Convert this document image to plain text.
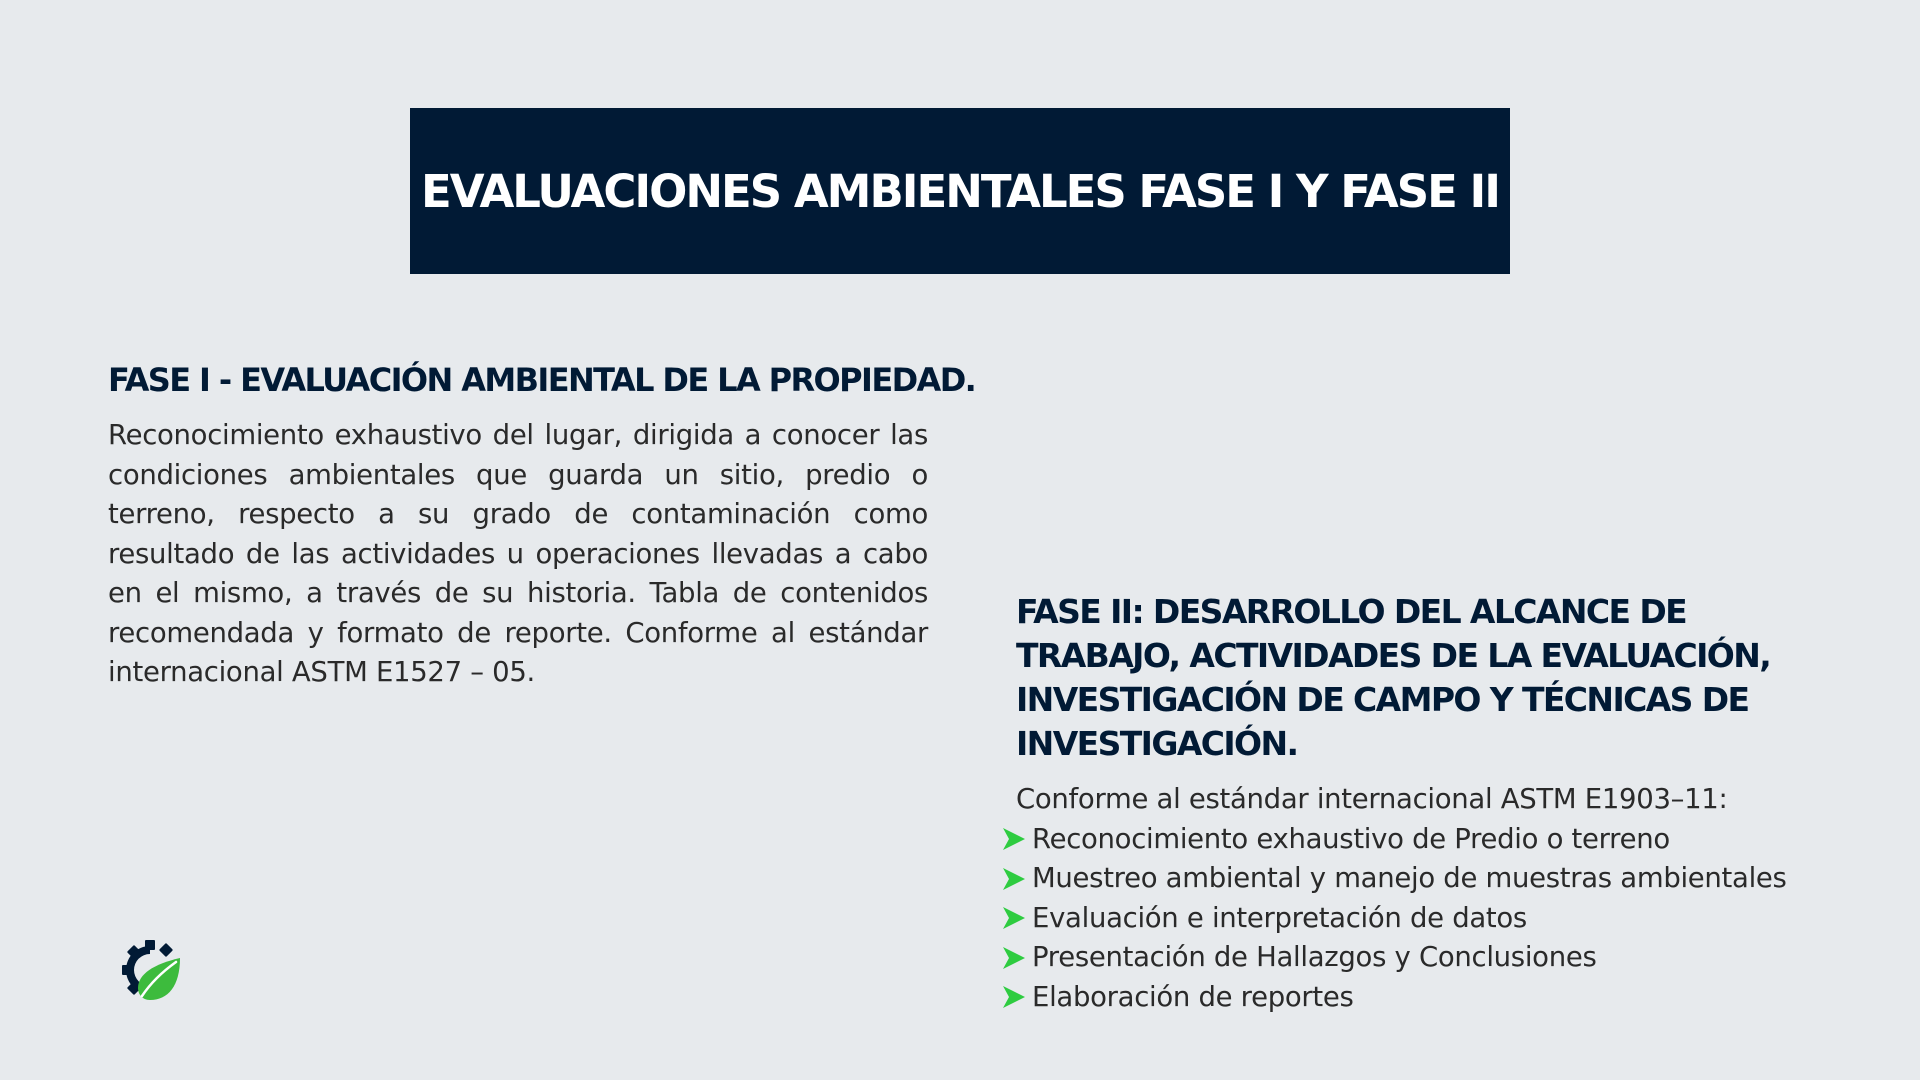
EVALUACIONES AMBIENTALES FASE I Y FASE II
FASE I - EVALUACIÓN AMBIENTAL DE LA PROPIEDAD.

Reconocimiento exhaustivo del lugar, dirigida a conocer las condiciones ambientales que guarda un sitio, predio o terreno, respecto a su grado de contaminación como resultado de las actividades u operaciones llevadas a cabo en el mismo, a través de su historia. Tabla de contenidos recomendada y formato de reporte. Conforme al estándar internacional ASTM E1527 – 05.

FASE II: DESARROLLO DEL ALCANCE DE TRABAJO, ACTIVIDADES DE LA EVALUACIÓN, INVESTIGACIÓN DE CAMPO Y TÉCNICAS DE INVESTIGACIÓN.
Conforme al estándar internacional ASTM E1903–11:
Reconocimiento exhaustivo de Predio o terreno
Muestreo ambiental y manejo de muestras ambientales
Evaluación e interpretación de datos
Presentación de Hallazgos y Conclusiones
Elaboración de reportes
